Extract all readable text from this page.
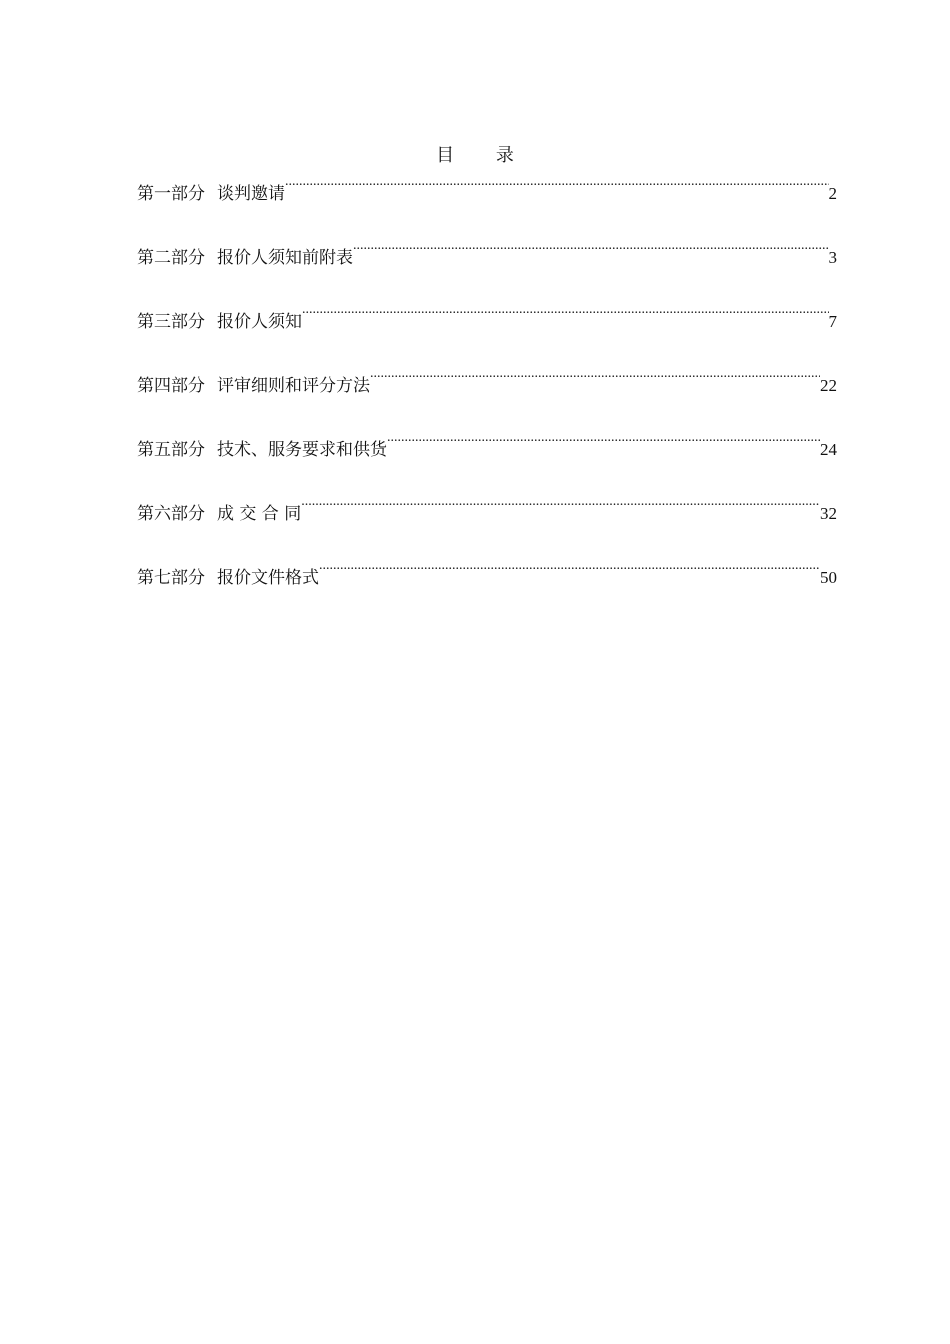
目 录
第一部分 谈判邀请 .....	2
第二部分 报价人须知前附表 .....	3
第三部分 报价人须知 .....	7
第四部分 评审细则和评分方法 .....	22
第五部分 技术、服务要求和供货 .....	24
第六部分 成 交 合 同 .....	32
第七部分 报价文件格式 .....	50
